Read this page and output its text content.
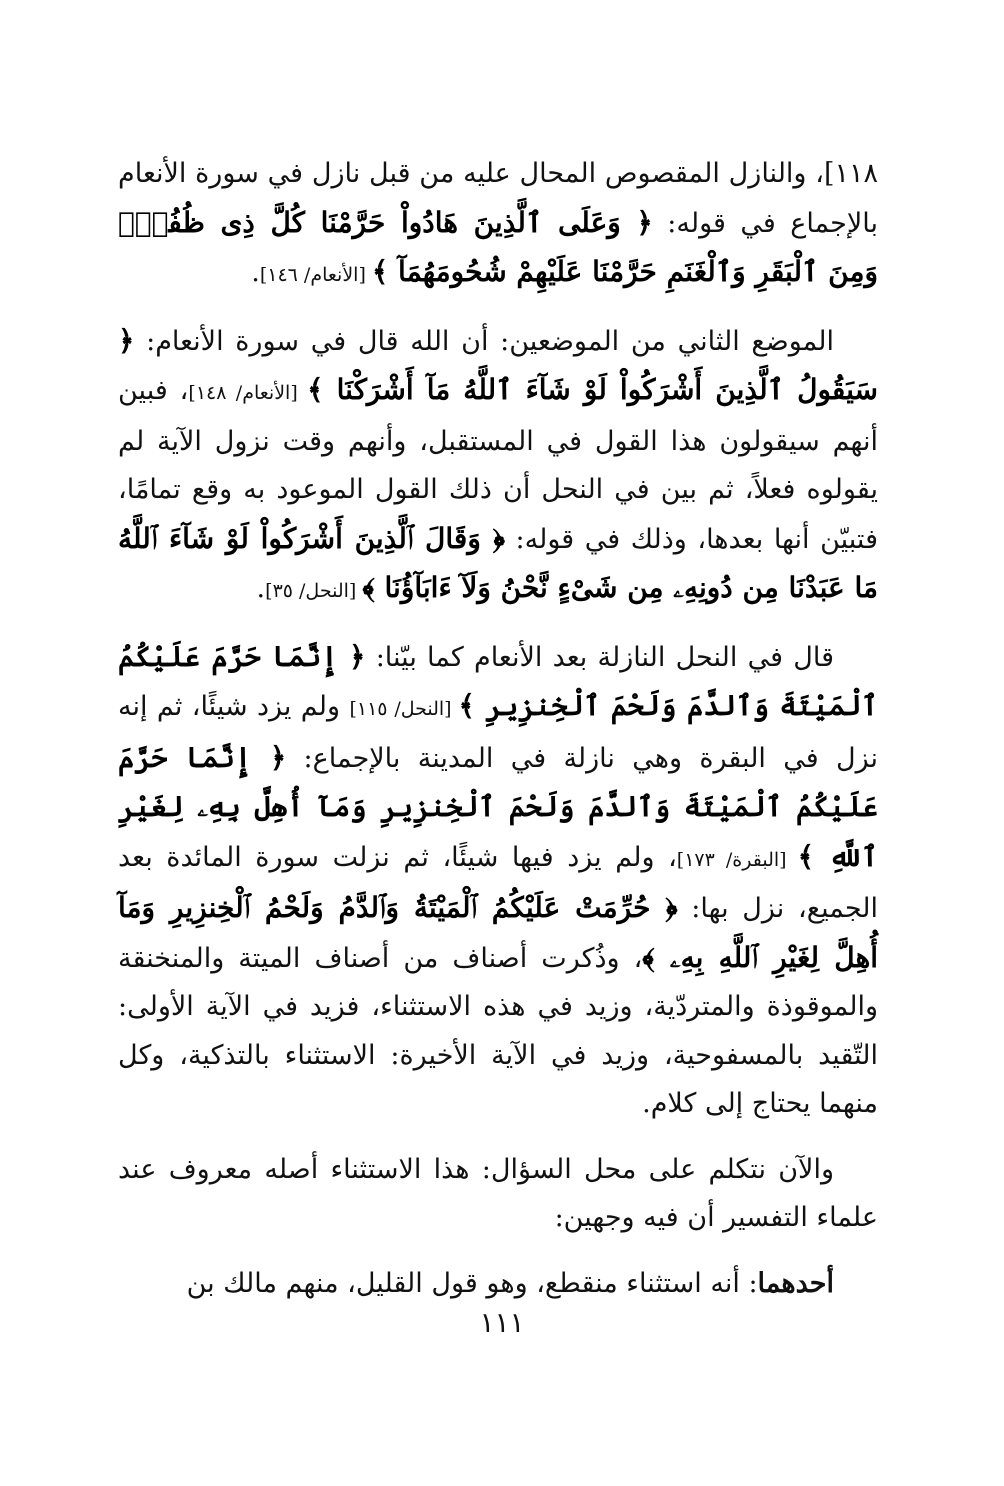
١١٨]، والنازل المقصوص المحال عليه من قبل نازل في سورة الأنعام بالإجماع في قوله: ﴿ وَعَلَى ٱلَّذِينَ هَادُواْ حَرَّمْنَا كُلَّ ذِى ظُفُرٍۖ وَمِنَ ٱلْبَقَرِ وَٱلْغَنَمِ حَرَّمْنَا عَلَيْهِمْ شُحُومَهُمَآ ﴾ [الأنعام/ ١٤٦].

الموضع الثاني من الموضعين: أن الله قال في سورة الأنعام: ﴿ سَيَقُولُ ٱلَّذِينَ أَشْرَكُواْ لَوْ شَآءَ ٱللَّهُ مَآ أَشْرَكْنَا ﴾ [الأنعام/ ١٤٨]، فبين أنهم سيقولون هذا القول في المستقبل، وأنهم وقت نزول الآية لم يقولوه فعلاً، ثم بين في النحل أن ذلك القول الموعود به وقع تمامًا، فتبيّن أنها بعدها، وذلك في قوله: ﴿ وَقَالَ ٱلَّذِينَ أَشْرَكُواْ لَوْ شَآءَ ٱللَّهُ مَا عَبَدْنَا مِن دُونِهِۦ مِن شَىْءٍ نَّحْنُ وَلَآ ءَابَآؤُنَا ﴾ [النحل/ ٣٥].

قال في النحل النازلة بعد الأنعام كما بيّنا: ﴿ إِنَّمَا حَرَّمَ عَلَيْكُمُ ٱلْمَيْتَةَ وَٱلدَّمَ وَلَحْمَ ٱلْخِنزِيرِ ﴾ [النحل/ ١١٥] ولم يزد شيئًا، ثم إنه نزل في البقرة وهي نازلة في المدينة بالإجماع: ﴿ إِنَّمَا حَرَّمَ عَلَيْكُمُ ٱلْمَيْتَةَ وَٱلدَّمَ وَلَحْمَ ٱلْخِنزِيرِ وَمَآ أُهِلَّ بِهِۦ لِغَيْرِ ٱللَّهِ ﴾ [البقرة/ ١٧٣]، ولم يزد فيها شيئًا، ثم نزلت سورة المائدة بعد الجميع، نزل بها: ﴿ حُرِّمَتْ عَلَيْكُمُ ٱلْمَيْتَةُ وَٱلدَّمُ وَلَحْمُ ٱلْخِنزِيرِ وَمَآ أُهِلَّ لِغَيْرِ ٱللَّهِ بِهِۦ ﴾، وذُكرت أصناف من أصناف الميتة والمنخنقة والموقوذة والمتردّية، وزيد في هذه الاستثناء، فزيد في الآية الأولى: التّقيد بالمسفوحية، وزيد في الآية الأخيرة: الاستثناء بالتذكية، وكل منهما يحتاج إلى كلام.

والآن نتكلم على محل السؤال: هذا الاستثناء أصله معروف عند علماء التفسير أن فيه وجهين:

أحدهما: أنه استثناء منقطع، وهو قول القليل، منهم مالك بن

١١١
